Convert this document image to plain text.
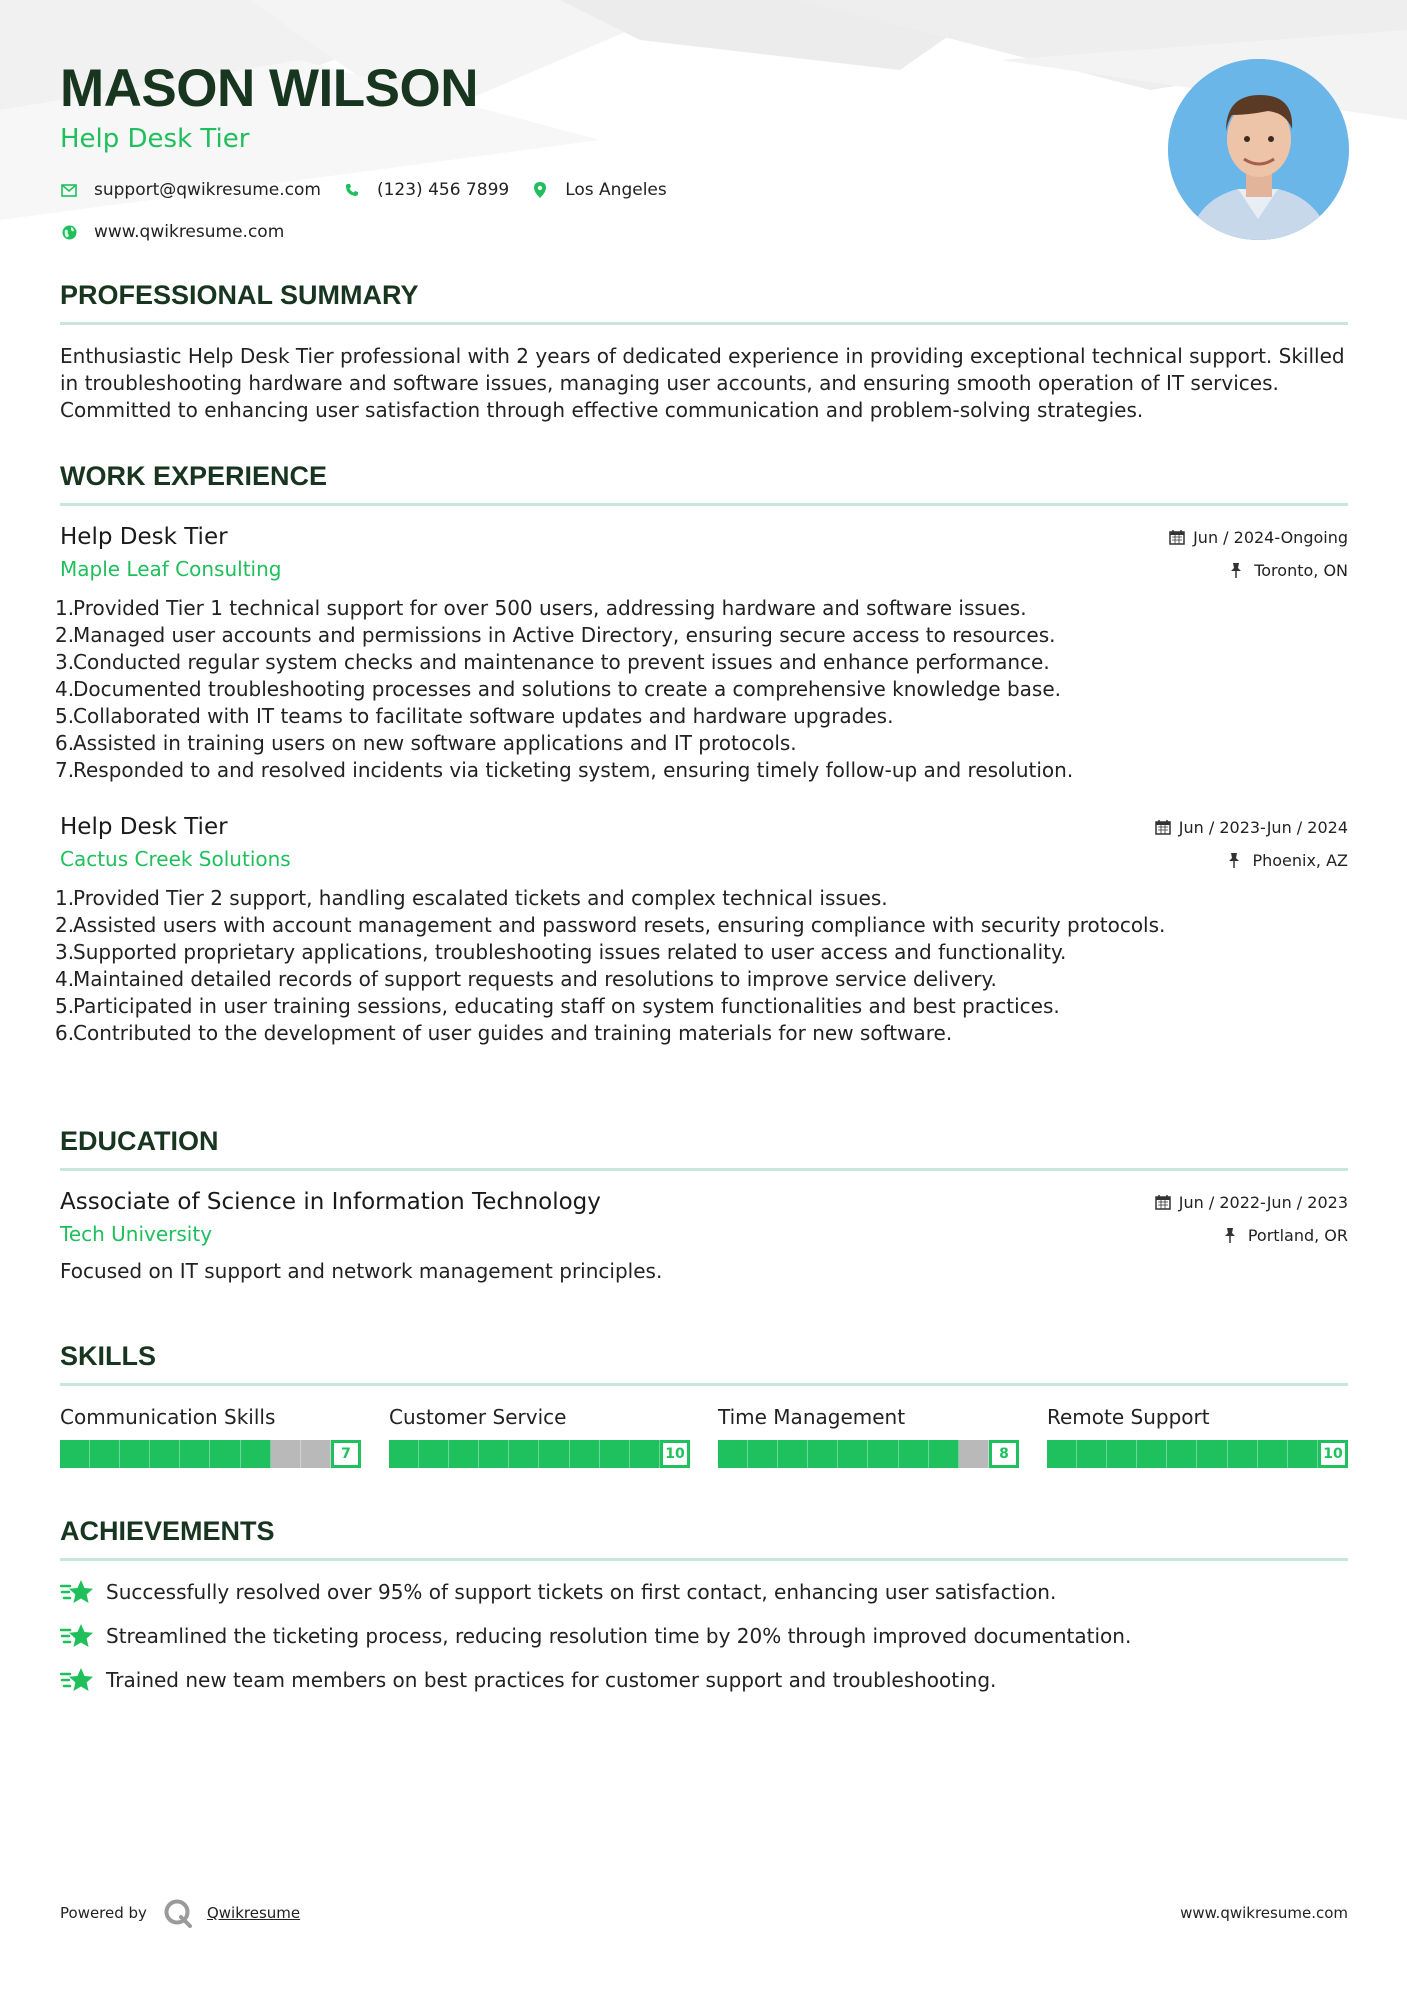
MASON WILSON
Help Desk Tier
support@qwikresume.com	(123) 456 7899	Los Angeles
www.qwikresume.com
PROFESSIONAL SUMMARY
Enthusiastic Help Desk Tier professional with 2 years of dedicated experience in providing exceptional technical support. Skilled in troubleshooting hardware and software issues, managing user accounts, and ensuring smooth operation of IT services. Committed to enhancing user satisfaction through effective communication and problem-solving strategies.
WORK EXPERIENCE
Help Desk Tier
Maple Leaf Consulting
Jun / 2024-Ongoing
Toronto, ON
1.
Provided Tier 1 technical support for over 500 users, addressing hardware and software issues.
2.
Managed user accounts and permissions in Active Directory, ensuring secure access to resources.
3.
Conducted regular system checks and maintenance to prevent issues and enhance performance.
4.
Documented troubleshooting processes and solutions to create a comprehensive knowledge base.
5.
Collaborated with IT teams to facilitate software updates and hardware upgrades.
6.
Assisted in training users on new software applications and IT protocols.
7.
Responded to and resolved incidents via ticketing system, ensuring timely follow-up and resolution.
Help Desk Tier
Cactus Creek Solutions
Jun / 2023-Jun / 2024
Phoenix, AZ
1.
Provided Tier 2 support, handling escalated tickets and complex technical issues.
2.
Assisted users with account management and password resets, ensuring compliance with security protocols.
3.
Supported proprietary applications, troubleshooting issues related to user access and functionality.
4.
Maintained detailed records of support requests and resolutions to improve service delivery.
5.
Participated in user training sessions, educating staff on system functionalities and best practices.
6.
Contributed to the development of user guides and training materials for new software.
EDUCATION
Associate of Science in Information Technology
Tech University
Jun / 2022-Jun / 2023
Portland, OR
Focused on IT support and network management principles.
SKILLS
Communication Skills
7
Customer Service
10
Time Management
8
Remote Support
10
ACHIEVEMENTS
Successfully resolved over 95% of support tickets on first contact, enhancing user satisfaction.
Streamlined the ticketing process, reducing resolution time by 20% through improved documentation.
Trained new team members on best practices for customer support and troubleshooting.
Powered by	Qwikresume	www.qwikresume.com
